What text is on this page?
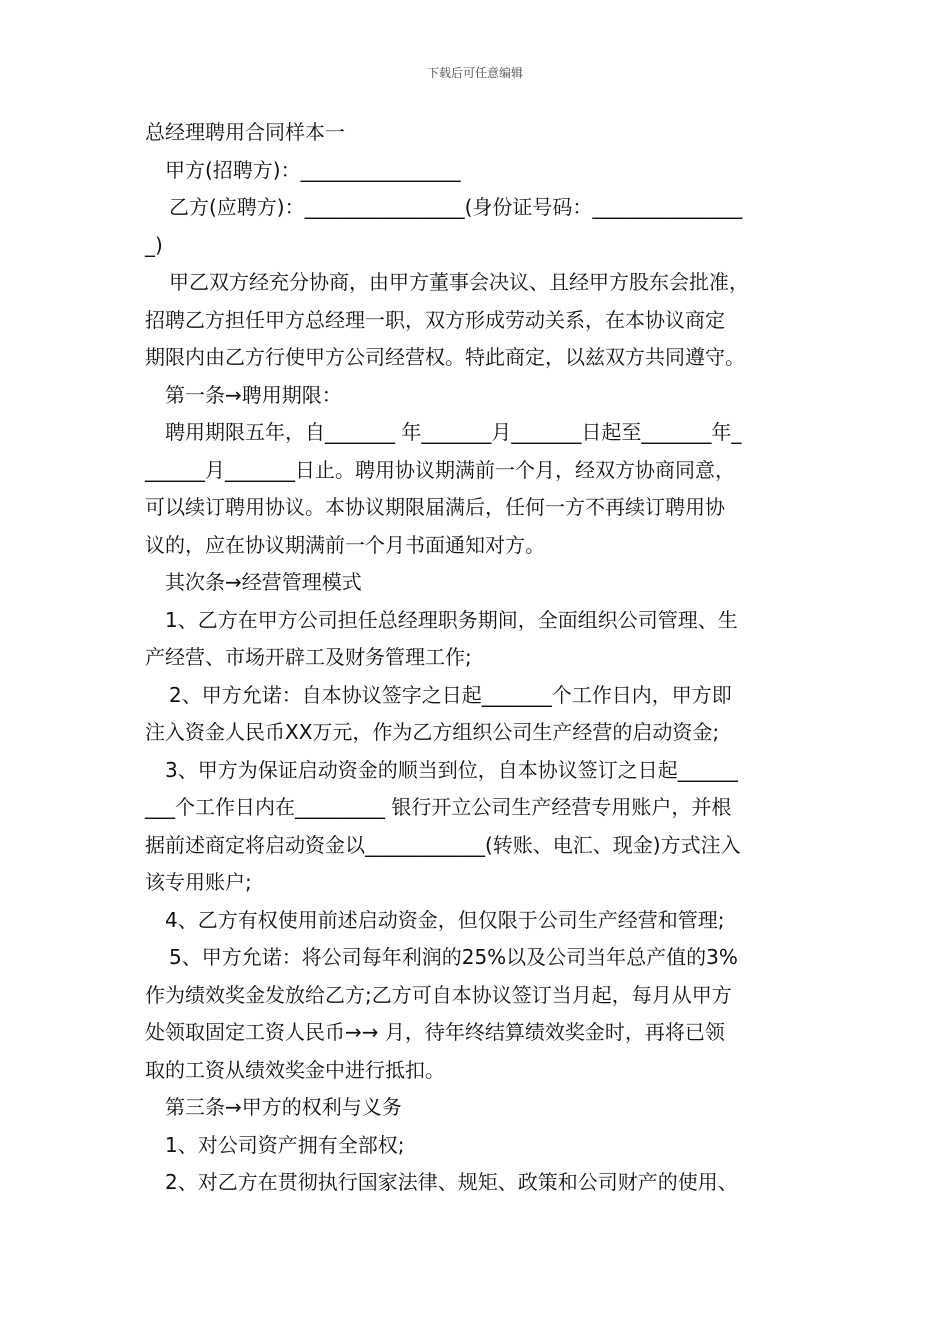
下载后可任意编辑

总经理聘用合同样本一

甲方(招聘方)：________________

乙方(应聘方)：________________(身份证号码：_______________

_)

甲乙双方经充分协商，由甲方董事会决议、且经甲方股东会批准，

招聘乙方担任甲方总经理一职，双方形成劳动关系，在本协议商定

期限内由乙方行使甲方公司经营权。特此商定，以兹双方共同遵守。

第一条→聘用期限：

聘用期限五年，自_______ 年_______月_______日起至_______年_

______月_______日止。聘用协议期满前一个月，经双方协商同意，

可以续订聘用协议。本协议期限届满后，任何一方不再续订聘用协

议的，应在协议期满前一个月书面通知对方。

其次条→经营管理模式

1、乙方在甲方公司担任总经理职务期间，全面组织公司管理、生

产经营、市场开辟工及财务管理工作;

2、甲方允诺：自本协议签字之日起_______个工作日内，甲方即

注入资金人民币XX万元，作为乙方组织公司生产经营的启动资金;

3、甲方为保证启动资金的顺当到位，自本协议签订之日起______

___个工作日内在_________ 银行开立公司生产经营专用账户，并根

据前述商定将启动资金以____________(转账、电汇、现金)方式注入

该专用账户;

4、乙方有权使用前述启动资金，但仅限于公司生产经营和管理;

5、甲方允诺：将公司每年利润的25%以及公司当年总产值的3%

作为绩效奖金发放给乙方;乙方可自本协议签订当月起，每月从甲方

处领取固定工资人民币→→ 月，待年终结算绩效奖金时，再将已领

取的工资从绩效奖金中进行抵扣。

第三条→甲方的权利与义务

1、对公司资产拥有全部权;

2、对乙方在贯彻执行国家法律、规矩、政策和公司财产的使用、
